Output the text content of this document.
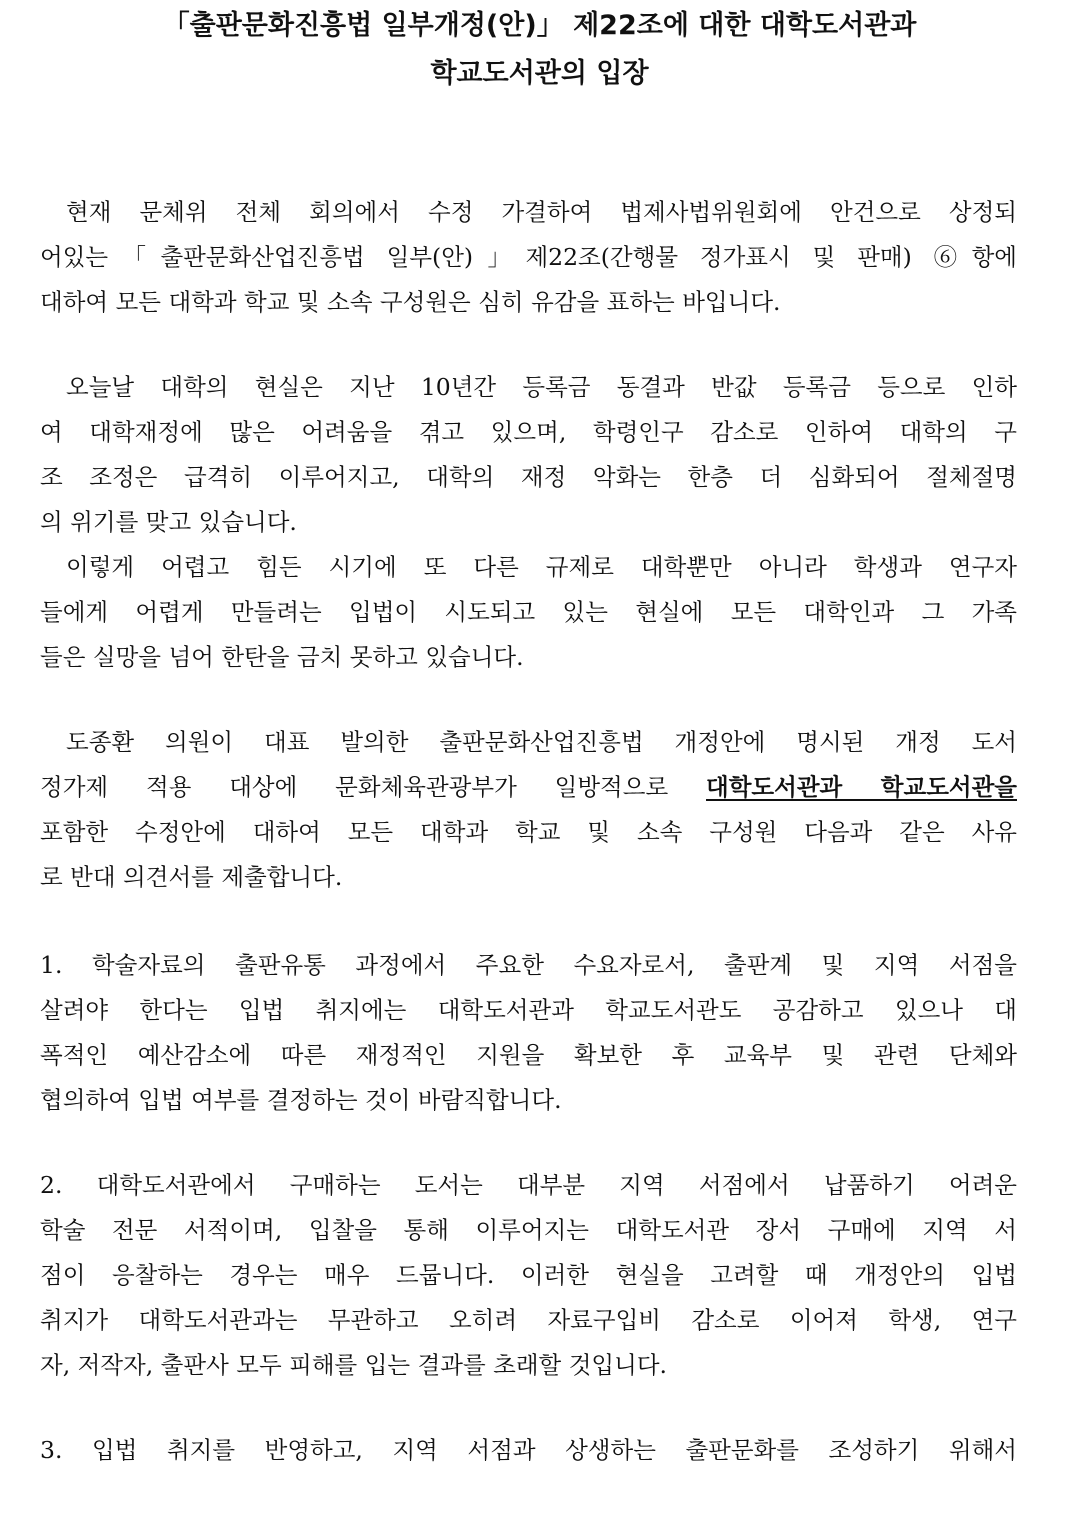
「출판문화진흥법 일부개정(안)」 제22조에 대한 대학도서관과
학교도서관의 입장
현재 문체위 전체 회의에서 수정 가결하여 법제사법위원회에 안건으로 상정되
어있는「출판문화산업진흥법 일부(안)」제22조(간행물 정가표시 및 판매) ⑥항에
대하여 모든 대학과 학교 및 소속 구성원은 심히 유감을 표하는 바입니다.
오늘날 대학의 현실은 지난 10년간 등록금 동결과 반값 등록금 등으로 인하
여 대학재정에 많은 어려움을 겪고 있으며, 학령인구 감소로 인하여 대학의 구
조 조정은 급격히 이루어지고, 대학의 재정 악화는 한층 더 심화되어 절체절명
의 위기를 맞고 있습니다.
이렇게 어렵고 힘든 시기에 또 다른 규제로 대학뿐만 아니라 학생과 연구자
들에게 어렵게 만들려는 입법이 시도되고 있는 현실에 모든 대학인과 그 가족
들은 실망을 넘어 한탄을 금치 못하고 있습니다.
도종환 의원이 대표 발의한 출판문화산업진흥법 개정안에 명시된 개정 도서
정가제 적용 대상에 문화체육관광부가 일방적으로 대학도서관과 학교도서관을
포함한 수정안에 대하여 모든 대학과 학교 및 소속 구성원 다음과 같은 사유
로 반대 의견서를 제출합니다.
1. 학술자료의 출판유통 과정에서 주요한 수요자로서, 출판계 및 지역 서점을
살려야 한다는 입법 취지에는 대학도서관과 학교도서관도 공감하고 있으나 대
폭적인 예산감소에 따른 재정적인 지원을 확보한 후 교육부 및 관련 단체와
협의하여 입법 여부를 결정하는 것이 바람직합니다.
2. 대학도서관에서 구매하는 도서는 대부분 지역 서점에서 납품하기 어려운
학술 전문 서적이며, 입찰을 통해 이루어지는 대학도서관 장서 구매에 지역 서
점이 응찰하는 경우는 매우 드뭅니다. 이러한 현실을 고려할 때 개정안의 입법
취지가 대학도서관과는 무관하고 오히려 자료구입비 감소로 이어져 학생, 연구
자, 저작자, 출판사 모두 피해를 입는 결과를 초래할 것입니다.
3. 입법 취지를 반영하고, 지역 서점과 상생하는 출판문화를 조성하기 위해서
